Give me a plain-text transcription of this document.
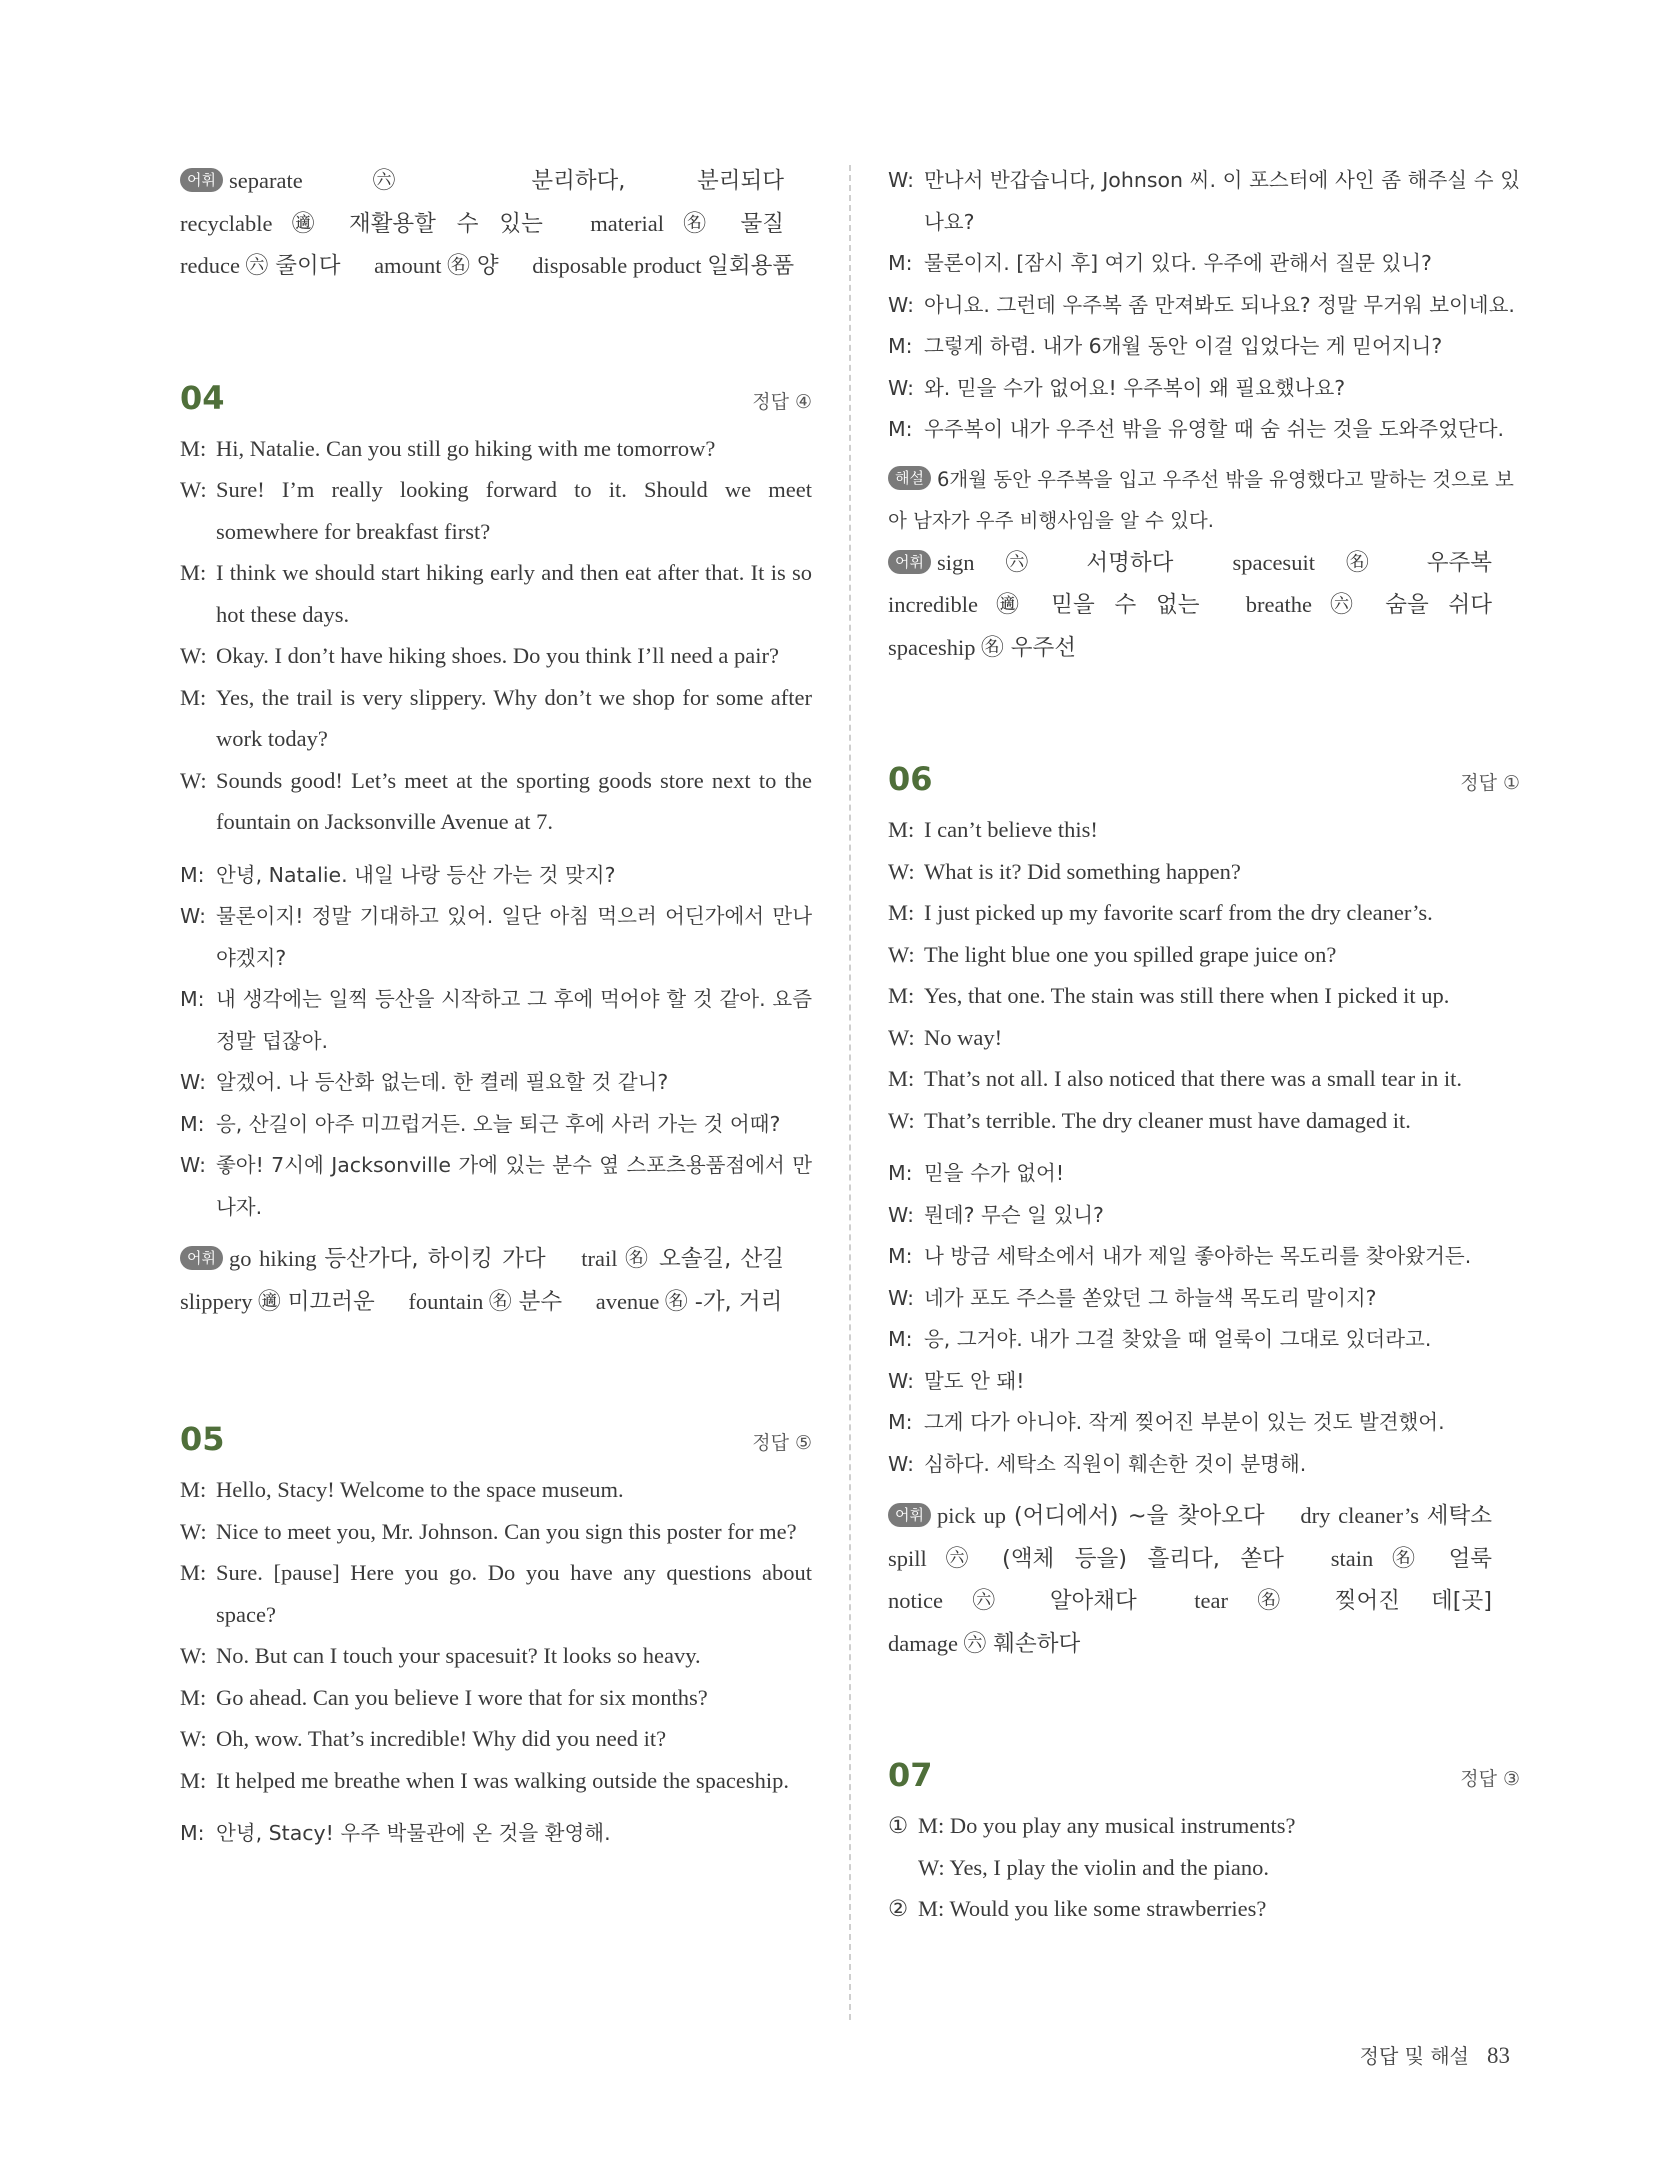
어휘 separate	㊅ 분리하다, 분리되다 recyclable ㊜ 재활용할 수 있는 material ㊔ 물질 reduce ㊅ 줄이다 amount ㊔ 양 disposable product 일회용품

04	정답 ④
M: Hi, Natalie. Can you still go hiking with me tomorrow?
W: Sure! I’m really looking forward to it. Should we meet somewhere for breakfast first?
M: I think we should start hiking early and then eat after that. It is so hot these days.
W: Okay. I don’t have hiking shoes. Do you think I’ll need a pair?
M: Yes, the trail is very slippery. Why don’t we shop for some after work today?
W: Sounds good! Let’s meet at the sporting goods store next to the fountain on Jacksonville Avenue at 7.
M: 안녕, Natalie. 내일 나랑 등산 가는 것 맞지?
W: 물론이지! 정말 기대하고 있어. 일단 아침 먹으러 어딘가에서 만나야겠지?
M: 내 생각에는 일찍 등산을 시작하고 그 후에 먹어야 할 것 같아. 요즘 정말 덥잖아.
W: 알겠어. 나 등산화 없는데. 한 켤레 필요할 것 같니?
M: 응, 산길이 아주 미끄럽거든. 오늘 퇴근 후에 사러 가는 것 어때?
W: 좋아! 7시에 Jacksonville 가에 있는 분수 옆 스포츠용품점에서 만나자.

어휘 go hiking 등산가다, 하이킹 가다 trail ㊔ 오솔길, 산길 slippery ㊜ 미끄러운 fountain ㊔ 분수 avenue ㊔ -가, 거리

05	정답 ⑤
M: Hello, Stacy! Welcome to the space museum.
W: Nice to meet you, Mr. Johnson. Can you sign this poster for me?
M: Sure. [pause] Here you go. Do you have any questions about space?
W: No. But can I touch your spacesuit? It looks so heavy.
M: Go ahead. Can you believe I wore that for six months?
W: Oh, wow. That’s incredible! Why did you need it?
M: It helped me breathe when I was walking outside the spaceship.
M: 안녕, Stacy! 우주 박물관에 온 것을 환영해.
W: 만나서 반갑습니다, Johnson 씨. 이 포스터에 사인 좀 해주실 수 있나요?
M: 물론이지. [잠시 후] 여기 있다. 우주에 관해서 질문 있니?
W: 아니요. 그런데 우주복 좀 만져봐도 되나요? 정말 무거워 보이네요.
M: 그렇게 하렴. 내가 6개월 동안 이걸 입었다는 게 믿어지니?
W: 와. 믿을 수가 없어요! 우주복이 왜 필요했나요?
M: 우주복이 내가 우주선 밖을 유영할 때 숨 쉬는 것을 도와주었단다.

해설 6개월 동안 우주복을 입고 우주선 밖을 유영했다고 말하는 것으로 보아 남자가 우주 비행사임을 알 수 있다.

어휘 sign ㊅ 서명하다	spacesuit ㊔ 우주복 incredible ㊜ 믿을 수 없는 breathe ㊅ 숨을 쉬다 spaceship ㊔ 우주선

06	정답 ①
M: I can’t believe this!
W: What is it? Did something happen?
M: I just picked up my favorite scarf from the dry cleaner’s.
W: The light blue one you spilled grape juice on?
M: Yes, that one. The stain was still there when I picked it up.
W: No way!
M: That’s not all. I also noticed that there was a small tear in it.
W: That’s terrible. The dry cleaner must have damaged it.
M: 믿을 수가 없어!
W: 뭔데? 무슨 일 있니?
M: 나 방금 세탁소에서 내가 제일 좋아하는 목도리를 찾아왔거든.
W: 네가 포도 주스를 쏟았던 그 하늘색 목도리 말이지?
M: 응, 그거야. 내가 그걸 찾았을 때 얼룩이 그대로 있더라고.
W: 말도 안 돼!
M: 그게 다가 아니야. 작게 찢어진 부분이 있는 것도 발견했어.
W: 심하다. 세탁소 직원이 훼손한 것이 분명해.

어휘 pick up (어디에서) ~을 찾아오다 dry cleaner’s 세탁소 spill ㊅ (액체 등을) 흘리다, 쏟다 stain ㊔ 얼룩 notice ㊅ 알아채다	tear ㊔ 찢어진 데[곳] damage ㊅ 훼손하다

07	정답 ③
① M: Do you play any musical instruments?
W: Yes, I play the violin and the piano.
② M: Would you like some strawberries?
정답 및 해설 83
